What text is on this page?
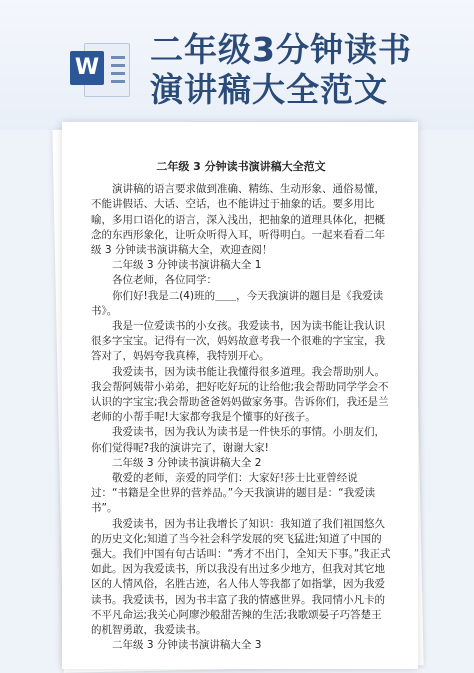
W 二年级3分钟读书
演讲稿大全范文
二年级 3 分钟读书演讲稿大全范文

演讲稿的语言要求做到准确、精练、生动形象、通俗易懂，不能讲假话、大话、空话，也不能讲过于抽象的话。要多用比喻，多用口语化的语言，深入浅出，把抽象的道理具体化，把概念的东西形象化，让听众听得入耳，听得明白。一起来看看二年级 3 分钟读书演讲稿大全，欢迎查阅！

二年级 3 分钟读书演讲稿大全 1

各位老师，各位同学：

你们好!我是二(4)班的＿＿，今天我演讲的题目是《我爱读书》。

我是一位爱读书的小女孩。我爱读书，因为读书能让我认识很多字宝宝。记得有一次，妈妈故意考我一个很难的字宝宝，我答对了，妈妈夸我真棒，我特别开心。

我爱读书，因为读书能让我懂得很多道理。我会帮助别人。我会帮阿姨带小弟弟，把好吃好玩的让给他;我会帮助同学学会不认识的字宝宝;我会帮助爸爸妈妈做家务事。告诉你们，我还是兰老师的小帮手呢!大家都夸我是个懂事的好孩子。

我爱读书，因为我认为读书是一件快乐的事情。小朋友们，你们觉得呢?我的演讲完了，谢谢大家!

二年级 3 分钟读书演讲稿大全 2

敬爱的老师，亲爱的同学们：大家好!莎士比亚曾经说过：“书籍是全世界的营养品。”今天我演讲的题目是：“我爱读书”。

我爱读书，因为书让我增长了知识：我知道了我们祖国悠久的历史文化;知道了当今社会科学发展的突飞猛进;知道了中国的强大。我们中国有句古话叫：“秀才不出门，全知天下事。”我正式如此。因为我爱读书，所以我没有出过多少地方，但我对其它地区的人情风俗，名胜古迹，名人伟人等我都了如指掌，因为我爱读书。我爱读书，因为书丰富了我的情感世界。我同情小凡卡的不平凡命运;我关心阿廖沙般甜苦辣的生活;我歌颂晏子巧答楚王的机智勇敢，我爱读书。

二年级 3 分钟读书演讲稿大全 3
